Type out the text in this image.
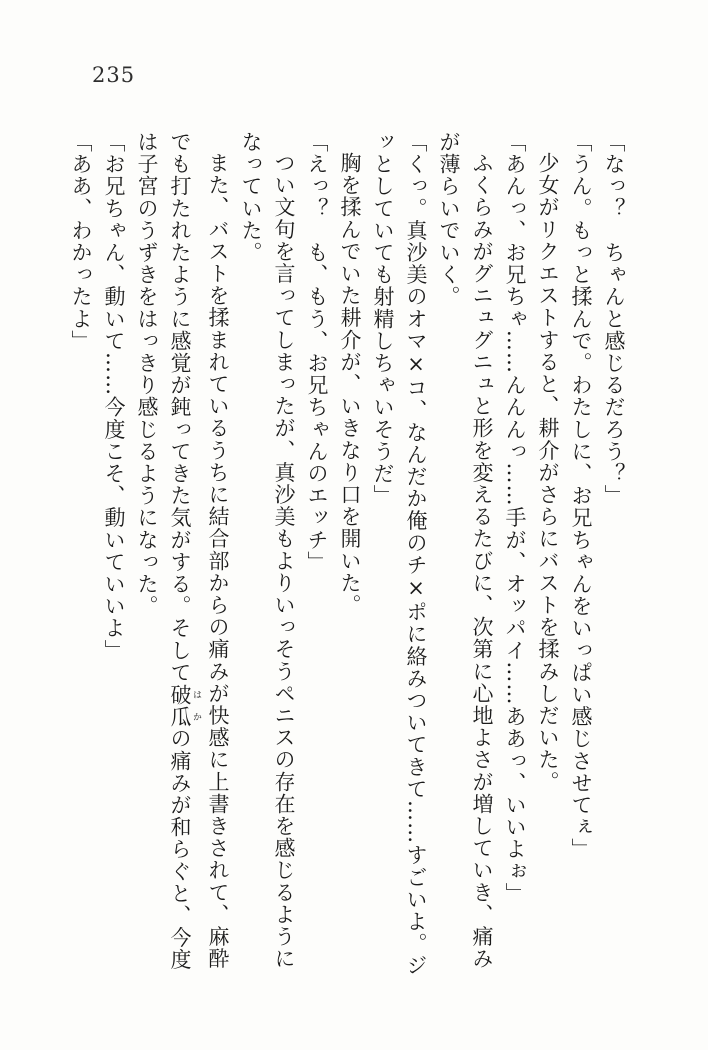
235

「なっ？　ちゃんと感じるだろう？」

「うん。もっと揉んで。わたしに、お兄ちゃんをいっぱい感じさせてぇ」

少女がリクエストすると、耕介がさらにバストを揉みしだいた。

「あんっ、お兄ちゃ……んんんっ……手が、オッパイ……ああっ、いいよぉ」

ふくらみがグニュグニュと形を変えるたびに、次第に心地よさが増していき、痛み

が薄らいでいく。

「くっ。真沙美のオマ×コ、なんだか俺のチ×ポに絡みついてきて……すごいよ。ジ

ッとしていても射精しちゃいそうだ」

胸を揉んでいた耕介が、いきなり口を開いた。

「えっ？　も、もう、お兄ちゃんのエッチ」

つい文句を言ってしまったが、真沙美もよりいっそうペニスの存在を感じるように

なっていた。

また、バストを揉まれているうちに結合部からの痛みが快感に上書きされて、麻酔

でも打たれたように感覚が鈍ってきた気がする。そして破瓜 はかの痛みが和らぐと、今度

は子宮のうずきをはっきり感じるようになった。

「お兄ちゃん、動いて……今度こそ、動いていいよ」

「ああ、わかったよ」
